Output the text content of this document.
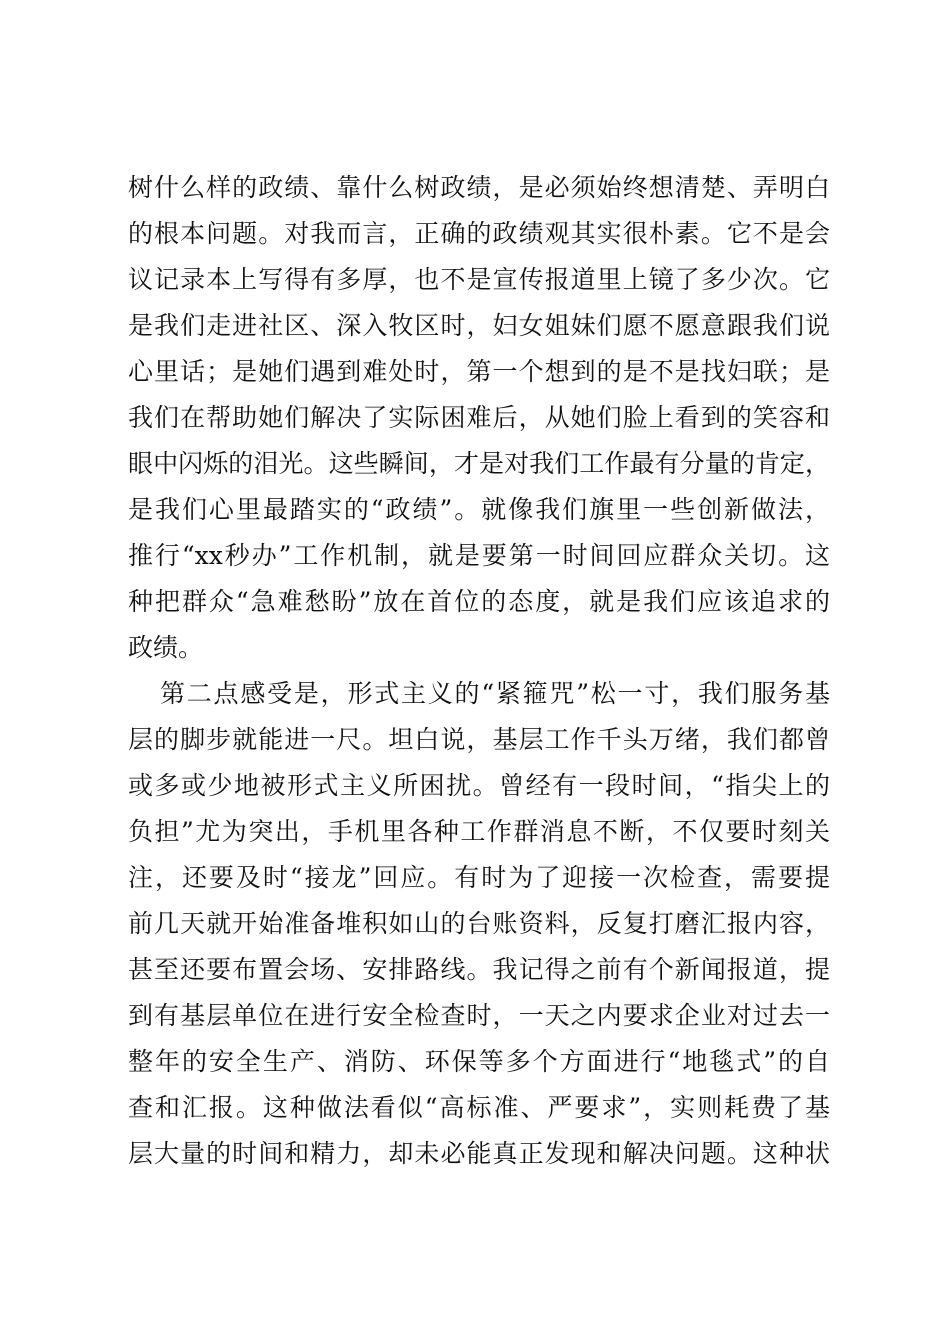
树什么样的政绩、靠什么树政绩，是必须始终想清楚、弄明白
的根本问题。对我而言，正确的政绩观其实很朴素。它不是会
议记录本上写得有多厚，也不是宣传报道里上镜了多少次。它
是我们走进社区、深入牧区时，妇女姐妹们愿不愿意跟我们说
心里话；是她们遇到难处时，第一个想到的是不是找妇联；是
我们在帮助她们解决了实际困难后，从她们脸上看到的笑容和
眼中闪烁的泪光。这些瞬间，才是对我们工作最有分量的肯定，
是我们心里最踏实的“政绩”。就像我们旗里一些创新做法，
推行“xx秒办”工作机制，就是要第一时间回应群众关切。这
种把群众“急难愁盼”放在首位的态度，就是我们应该追求的
政绩。
第二点感受是，形式主义的“紧箍咒”松一寸，我们服务基
层的脚步就能进一尺。坦白说，基层工作千头万绪，我们都曾
或多或少地被形式主义所困扰。曾经有一段时间，“指尖上的
负担”尤为突出，手机里各种工作群消息不断，不仅要时刻关
注，还要及时“接龙”回应。有时为了迎接一次检查，需要提
前几天就开始准备堆积如山的台账资料，反复打磨汇报内容，
甚至还要布置会场、安排路线。我记得之前有个新闻报道，提
到有基层单位在进行安全检查时，一天之内要求企业对过去一
整年的安全生产、消防、环保等多个方面进行“地毯式”的自
查和汇报。这种做法看似“高标准、严要求”，实则耗费了基
层大量的时间和精力，却未必能真正发现和解决问题。这种状
